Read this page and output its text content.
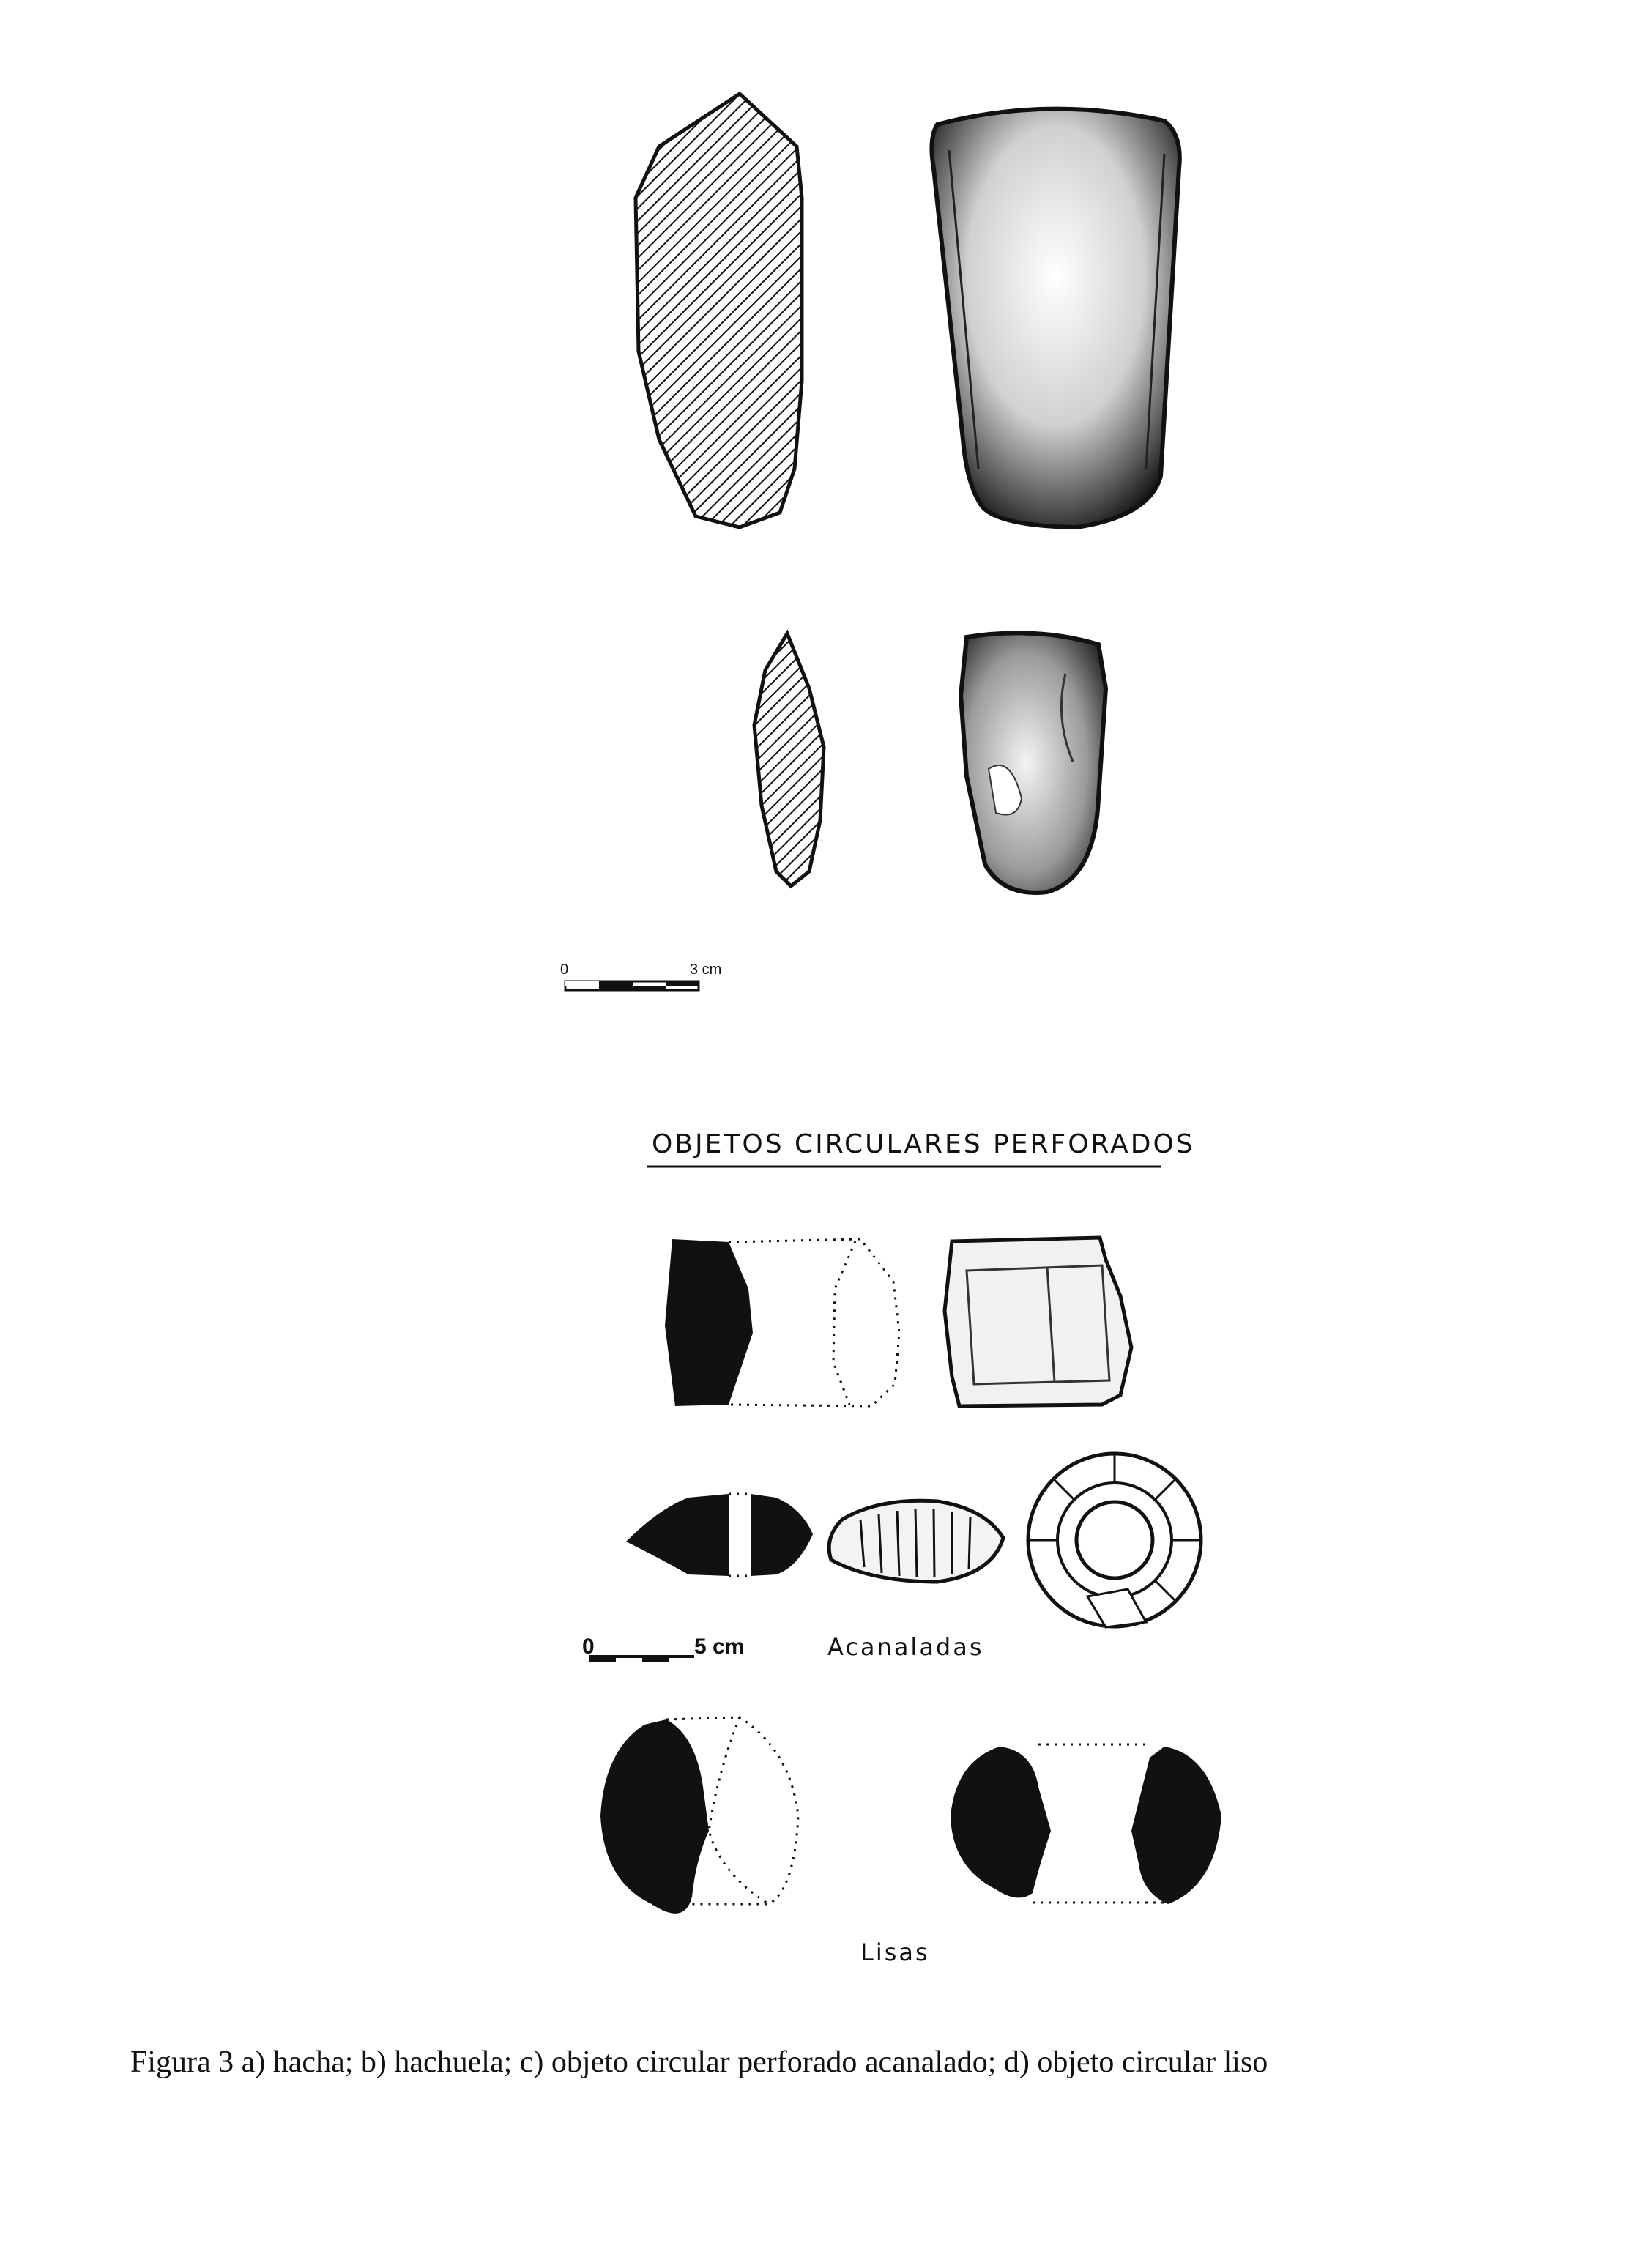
0	3 cm
OBJETOS CIRCULARES PERFORADOS
0	5 cm	Acanaladas
Lisas
Figura 3 a) hacha; b) hachuela; c) objeto circular perforado acanalado; d) objeto circular liso
